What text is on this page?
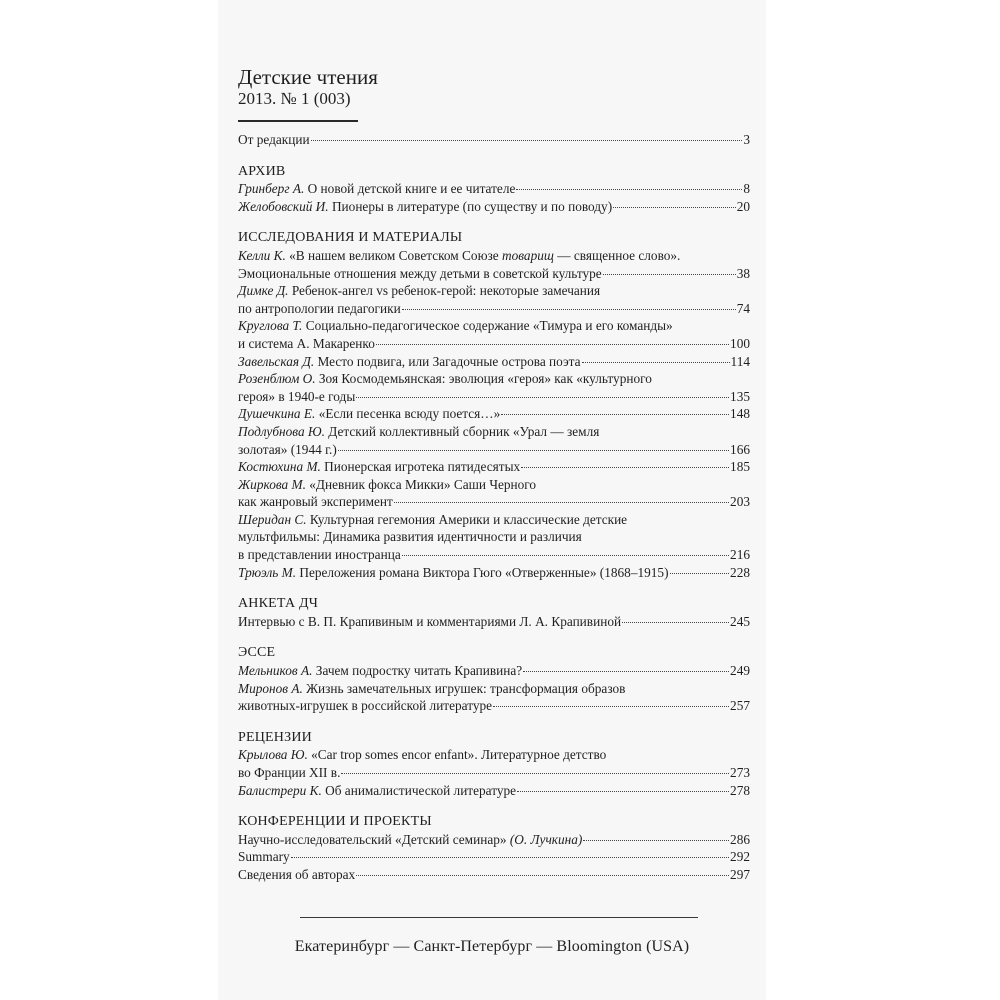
Детские чтения
2013. № 1 (003)
От редакции	3
АРХИВ
Гринберг А. О новой детской книге и ее читателе	8
Желобовский И. Пионеры в литературе (по существу и по поводу)	20
ИССЛЕДОВАНИЯ И МАТЕРИАЛЫ
Келли К. «В нашем великом Советском Союзе товарищ — священное слово».
Эмоциональные отношения между детьми в советской культуре	38
Димке Д. Ребенок-ангел vs ребенок-герой: некоторые замечания
по антропологии педагогики	74
Круглова Т. Социально-педагогическое содержание «Тимура и его команды»
и система А. Макаренко	100
Завельская Д. Место подвига, или Загадочные острова поэта	114
Розенблюм О. Зоя Космодемьянская: эволюция «героя» как «культурного
героя» в 1940-е годы	135
Душечкина Е. «Если песенка всюду поется…»	148
Подлубнова Ю. Детский коллективный сборник «Урал — земля
золотая» (1944 г.)	166
Костюхина М. Пионерская игротека пятидесятых	185
Жиркова М. «Дневник фокса Микки» Саши Черного
как жанровый эксперимент	203
Шеридан С. Культурная гегемония Америки и классические детские
мультфильмы: Динамика развития идентичности и различия
в представлении иностранца	216
Трюэль М. Переложения романа Виктора Гюго «Отверженные» (1868–1915)	228
АНКЕТА ДЧ
Интервью с В. П. Крапивиным и комментариями Л. А. Крапивиной	245
ЭССЕ
Мельников А. Зачем подростку читать Крапивина?	249
Миронов А. Жизнь замечательных игрушек: трансформация образов
животных-игрушек в российской литературе	257
РЕЦЕНЗИИ
Крылова Ю. «Car trop somes encor enfant». Литературное детство
во Франции XII в.	273
Балистрери К. Об анималистической литературе	278
КОНФЕРЕНЦИИ И ПРОЕКТЫ
Научно-исследовательский «Детский семинар» (О. Лучкина)	286
Summary	292
Сведения об авторах	297
Екатеринбург — Санкт-Петербург — Bloomington (USA)
